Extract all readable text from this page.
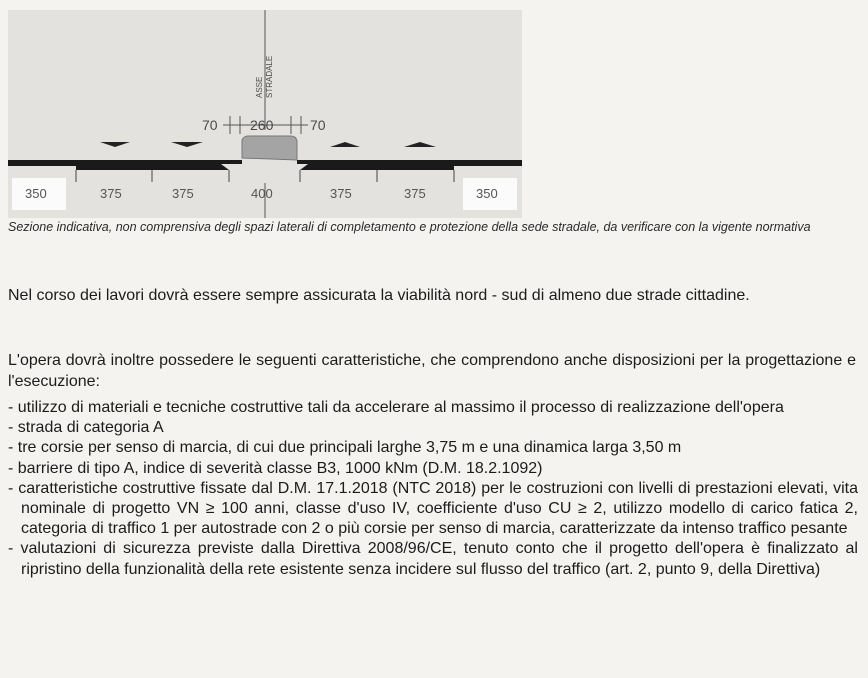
ASSE STRADALE
70 260	70
350	375	375	400	375	375	350

Sezione indicativa, non comprensiva degli spazi laterali di completamento e protezione della sede stradale, da verificare con la vigente normativa

Nel corso dei lavori dovrà essere sempre assicurata la viabilità nord - sud di almeno due strade cittadine.

L'opera dovrà inoltre possedere le seguenti caratteristiche, che comprendono anche disposizioni per la progettazione e l'esecuzione:

- utilizzo di materiali e tecniche costruttive tali da accelerare al massimo il processo di realizzazione dell'opera
- strada di categoria A
- tre corsie per senso di marcia, di cui due principali larghe 3,75 m e una dinamica larga 3,50 m
- barriere di tipo A, indice di severità classe B3, 1000 kNm (D.M. 18.2.1092)
- caratteristiche costruttive fissate dal D.M. 17.1.2018 (NTC 2018) per le costruzioni con livelli di prestazioni elevati, vita nominale di progetto VN ≥ 100 anni, classe d'uso IV, coefficiente d'uso CU ≥ 2, utilizzo modello di carico fatica 2, categoria di traffico 1 per autostrade con 2 o più corsie per senso di marcia, caratterizzate da intenso traffico pesante
- valutazioni di sicurezza previste dalla Direttiva 2008/96/CE, tenuto conto che il progetto dell'opera è finalizzato al ripristino della funzionalità della rete esistente senza incidere sul flusso del traffico (art. 2, punto 9, della Direttiva)
